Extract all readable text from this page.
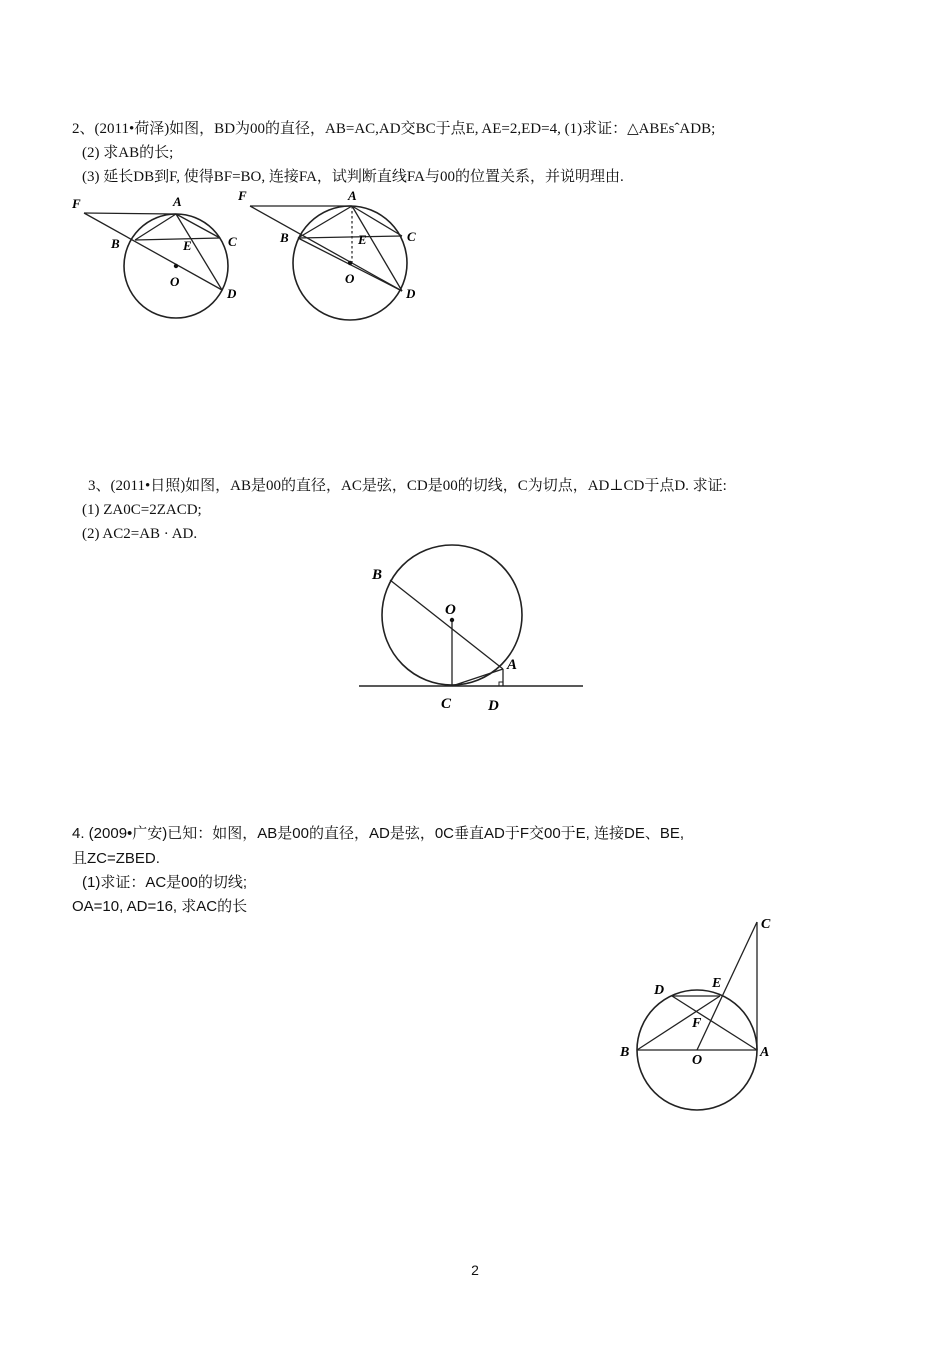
2、(2011•荷泽)如图，BD为00的直径，AB=AC,AD交BC于点E, AE=2,ED=4, (1)求证：△ABEsˆADB;
(2) 求AB的长;
(3) 延长DB到F, 使得BF=BO, 连接FA，试判断直线FA与00的位置关系，并说明理由.
F	A
B	E	C
O
D
F	A
B	E	C
O
D
3、(2011•日照)如图，AB是00的直径，AC是弦，CD是00的切线，C为切点，AD⊥CD于点D. 求证:
(1) ZA0C=2ZACD;
(2) AC2=AB · AD.
B
O
A
C D
4. (2009•广安)已知：如图，AB是00的直径，AD是弦，0C垂直AD于F交00于E, 连接DE、BE,
且ZC=ZBED.
(1)求证：AC是00的切线;
OA=10, AD=16, 求AC的长
C
D	E
F
B
O
A
2
